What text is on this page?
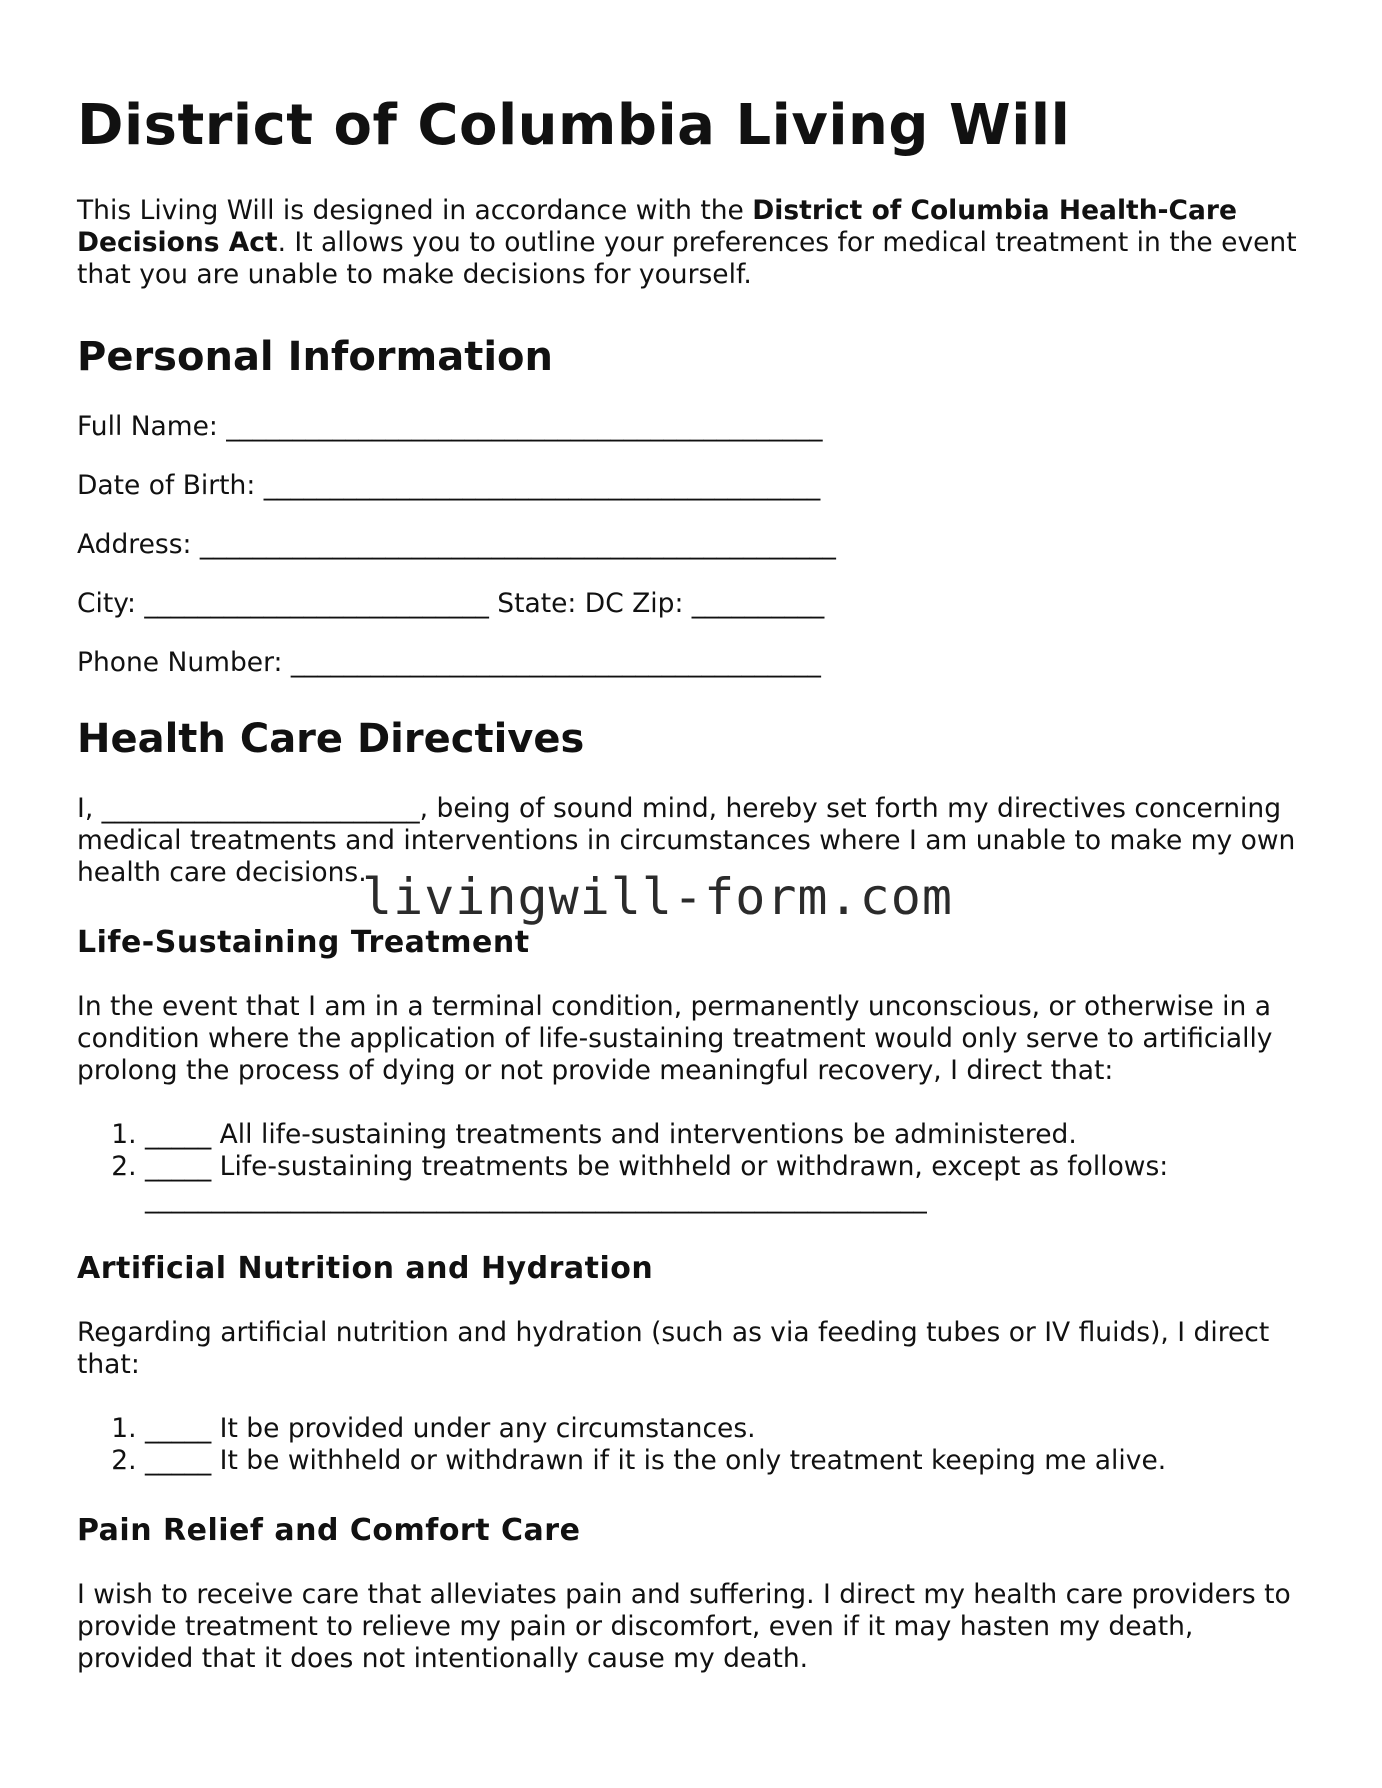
District of Columbia Living Will

This Living Will is designed in accordance with the District of Columbia Health-Care Decisions Act. It allows you to outline your preferences for medical treatment in the event that you are unable to make decisions for yourself.

Personal Information
Full Name: _____________________________________________
Date of Birth: __________________________________________
Address: ________________________________________________
City: __________________________ State: DC Zip: __________
Phone Number: ________________________________________
Health Care Directives

I, ________________________, being of sound mind, hereby set forth my directives concerning medical treatments and interventions in circumstances where I am unable to make my own health care decisions.

Life-Sustaining Treatment

In the event that I am in a terminal condition, permanently unconscious, or otherwise in a condition where the application of life-sustaining treatment would only serve to artificially prolong the process of dying or not provide meaningful recovery, I direct that:

1. _____ All life-sustaining treatments and interventions be administered.
2. _____ Life-sustaining treatments be withheld or withdrawn, except as follows:
___________________________________________________________
Artificial Nutrition and Hydration

Regarding artificial nutrition and hydration (such as via feeding tubes or IV fluids), I direct that:

1. _____ It be provided under any circumstances.
2. _____ It be withheld or withdrawn if it is the only treatment keeping me alive.
Pain Relief and Comfort Care

I wish to receive care that alleviates pain and suffering. I direct my health care providers to provide treatment to relieve my pain or discomfort, even if it may hasten my death, provided that it does not intentionally cause my death.

livingwill-form.com
